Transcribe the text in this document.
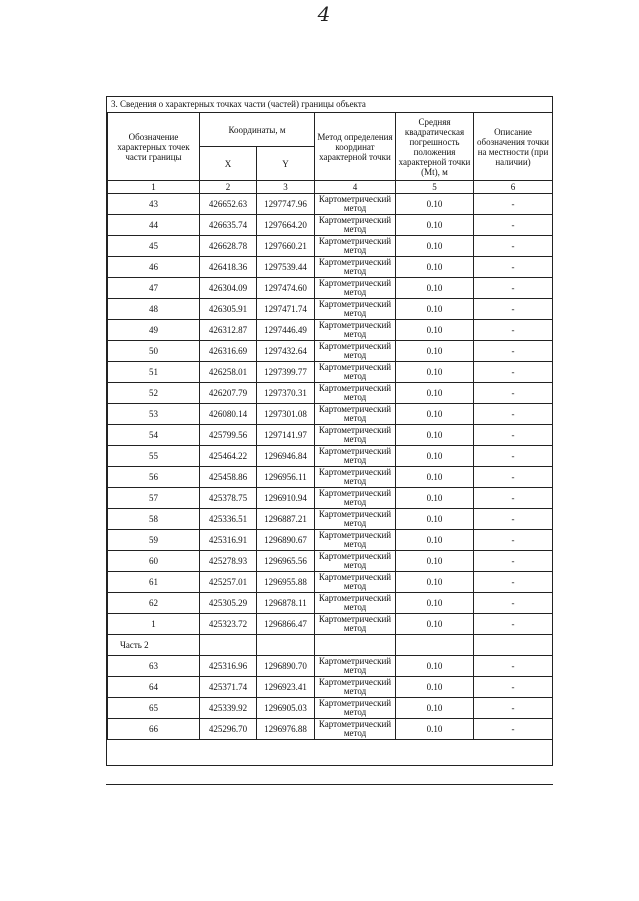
4
3. Сведения о характерных точках части (частей) границы объекта
Обозначение характерных точек части границы	Координаты, м		Метод определения координат характерной точки	Средняя квадратическая погрешность положения характерной точки (Mt), м	Описание обозначения точки на местности (при наличии)
	X	Y			
1	2	3	4	5	6
43	426652.63	1297747.96	Картометрический метод	0.10	-
44	426635.74	1297664.20	Картометрический метод	0.10	-
45	426628.78	1297660.21	Картометрический метод	0.10	-
46	426418.36	1297539.44	Картометрический метод	0.10	-
47	426304.09	1297474.60	Картометрический метод	0.10	-
48	426305.91	1297471.74	Картометрический метод	0.10	-
49	426312.87	1297446.49	Картометрический метод	0.10	-
50	426316.69	1297432.64	Картометрический метод	0.10	-
51	426258.01	1297399.77	Картометрический метод	0.10	-
52	426207.79	1297370.31	Картометрический метод	0.10	-
53	426080.14	1297301.08	Картометрический метод	0.10	-
54	425799.56	1297141.97	Картометрический метод	0.10	-
55	425464.22	1296946.84	Картометрический метод	0.10	-
56	425458.86	1296956.11	Картометрический метод	0.10	-
57	425378.75	1296910.94	Картометрический метод	0.10	-
58	425336.51	1296887.21	Картометрический метод	0.10	-
59	425316.91	1296890.67	Картометрический метод	0.10	-
60	425278.93	1296965.56	Картометрический метод	0.10	-
61	425257.01	1296955.88	Картометрический метод	0.10	-
62	425305.29	1296878.11	Картометрический метод	0.10	-
1	425323.72	1296866.47	Картометрический метод	0.10	-
Часть 2					
63	425316.96	1296890.70	Картометрический метод	0.10	-
64	425371.74	1296923.41	Картометрический метод	0.10	-
65	425339.92	1296905.03	Картометрический метод	0.10	-
66	425296.70	1296976.88	Картометрический метод	0.10	-
